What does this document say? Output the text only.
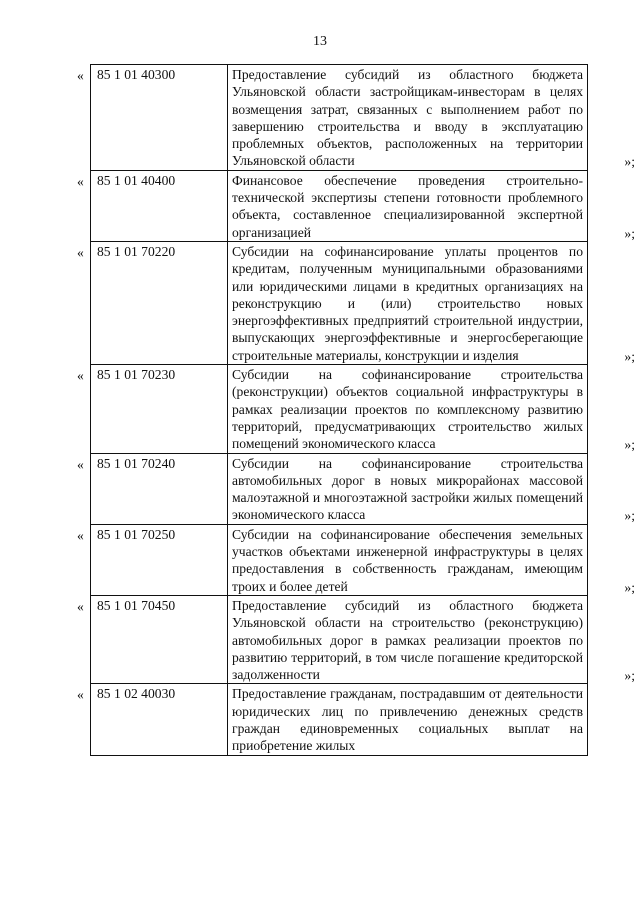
13
« 85 1 01 40300	Предоставление субсидий из областного бюджета Ульяновской области застройщикам-инвесторам в целях возмещения затрат, связанных с выполнением работ по завершению строительства и вводу в эксплуатацию проблемных объектов, расположенных на территории Ульяновской области »;

« 85 1 01 40400	Финансовое обеспечение проведения строительно-технической экспертизы степени готовности проблемного объекта, составленное специализированной экспертной организацией »;

« 85 1 01 70220	Субсидии на софинансирование уплаты процентов по кредитам, полученным муниципальными образованиями или юридическими лицами в кредитных организациях на реконструкцию и (или) строительство новых энергоэффективных предприятий строительной индустрии, выпускающих энергоэффективные и энергосберегающие строительные материалы, конструкции и изделия »;

« 85 1 01 70230	Субсидии на софинансирование строительства (реконструкции) объектов социальной инфраструктуры в рамках реализации проектов по комплексному развитию территорий, предусматривающих строительство жилых помещений экономического класса »;

« 85 1 01 70240	Субсидии на софинансирование строительства автомобильных дорог в новых микрорайонах массовой малоэтажной и многоэтажной застройки жилых помещений экономического класса »;

« 85 1 01 70250	Субсидии на софинансирование обеспечения земельных участков объектами инженерной инфраструктуры в целях предоставления в собственность гражданам, имеющим троих и более детей »;

« 85 1 01 70450	Предоставление субсидий из областного бюджета Ульяновской области на строительство (реконструкцию) автомобильных дорог в рамках реализации проектов по развитию территорий, в том числе погашение кредиторской задолженности »;

« 85 1 02 40030	Предоставление гражданам, пострадавшим от деятельности юридических лиц по привлечению денежных средств граждан единовременных социальных выплат на приобретение жилых
